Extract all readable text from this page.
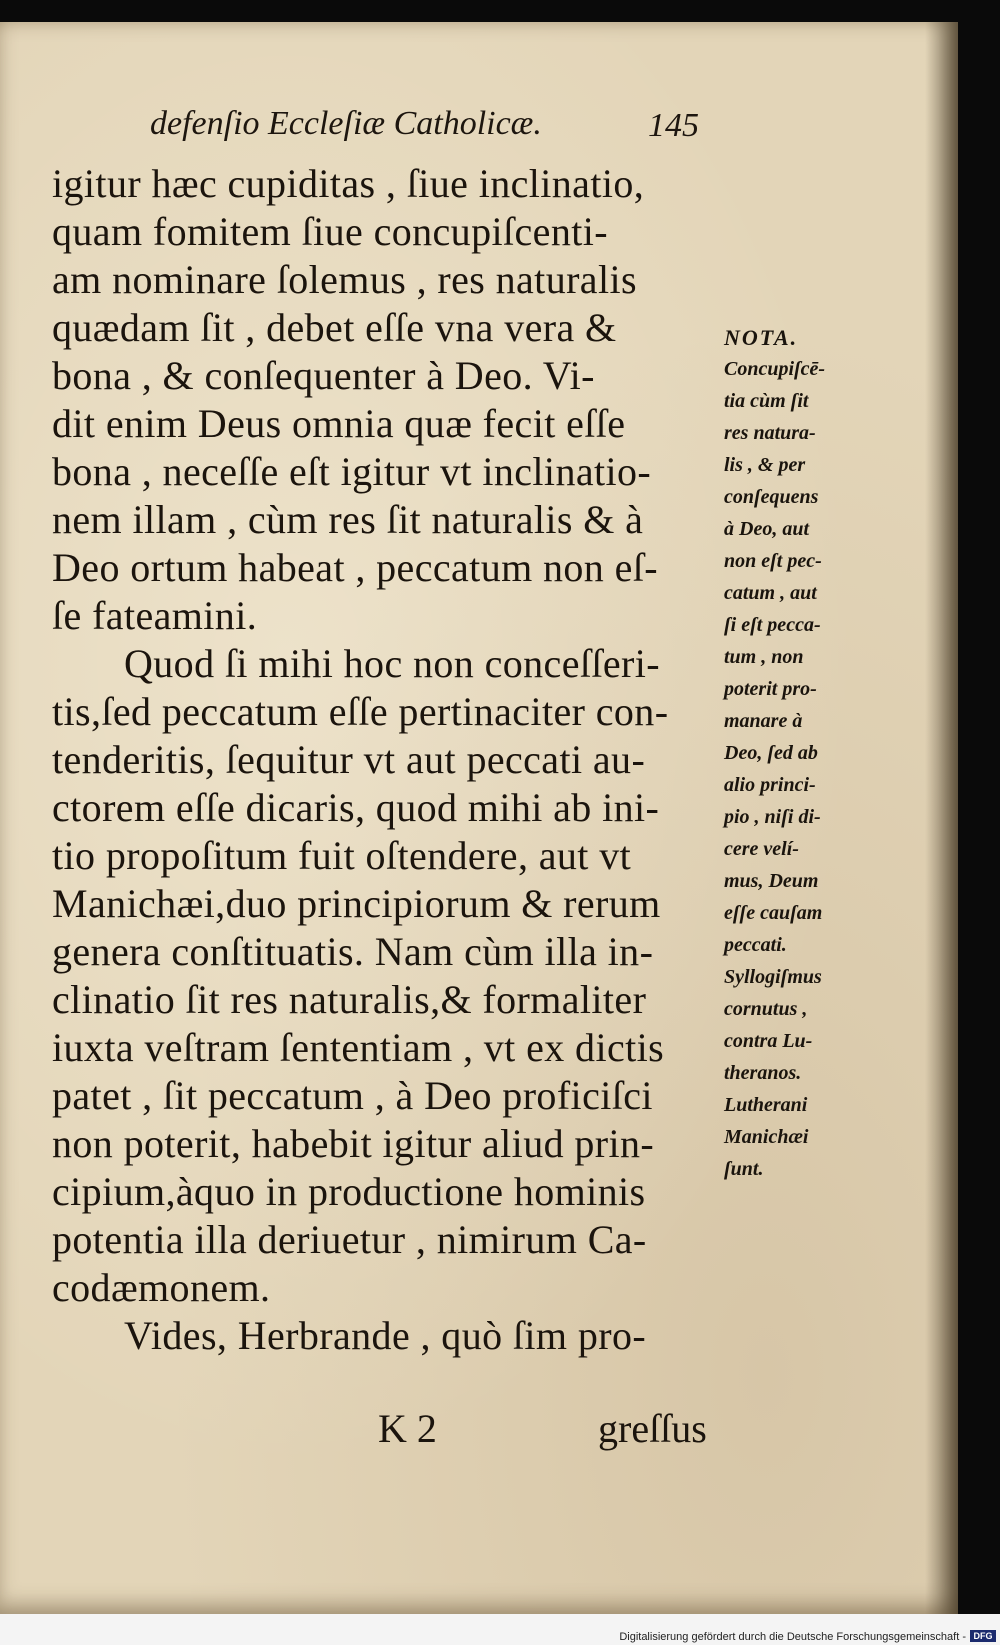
defenſio Eccleſiæ Catholicæ.	145
igitur hæc cupiditas , ſiue inclinatio,
quam fomitem ſiue concupiſcenti-
am nominare ſolemus , res naturalis
quædam ſit , debet eſſe vna vera &
bona , & conſequenter à Deo. Vi-
dit enim Deus omnia quæ fecit eſſe
bona , neceſſe eſt igitur vt inclinatio-
nem illam , cùm res ſit naturalis & à
Deo ortum habeat , peccatum non eſ-
ſe fateamini.
Quod ſi mihi hoc non conceſſeri-
tis,ſed peccatum eſſe pertinaciter con-
tenderitis, ſequitur vt aut peccati au-
ctorem eſſe dicaris, quod mihi ab ini-
tio propoſitum fuit oſtendere, aut vt
Manichæi,duo principiorum & rerum
genera conſtituatis. Nam cùm illa in-
clinatio ſit res naturalis,& formaliter
iuxta veſtram ſententiam , vt ex dictis
patet , ſit peccatum , à Deo proficiſci
non poterit, habebit igitur aliud prin-
cipium,àquo in productione hominis
potentia illa deriuetur , nimirum Ca-
codæmonem.
Vides, Herbrande , quò ſim pro-
NOTA.
Concupiſcē-
tia cùm ſit
res natura-
lis , & per
conſequens
à Deo, aut
non eſt pec-
catum , aut
ſi eſt pecca-
tum , non
poterit pro-
manare à
Deo, ſed ab
alio princi-
pio , niſi di-
cere velí-
mus, Deum
eſſe cauſam
peccati.
Syllogiſmus
cornutus ,
contra Lu-
theranos.
Lutherani
Manichæi
ſunt.
K 2	greſſus
Digitalisierung gefördert durch die Deutsche Forschungsgemeinschaft - DFG
